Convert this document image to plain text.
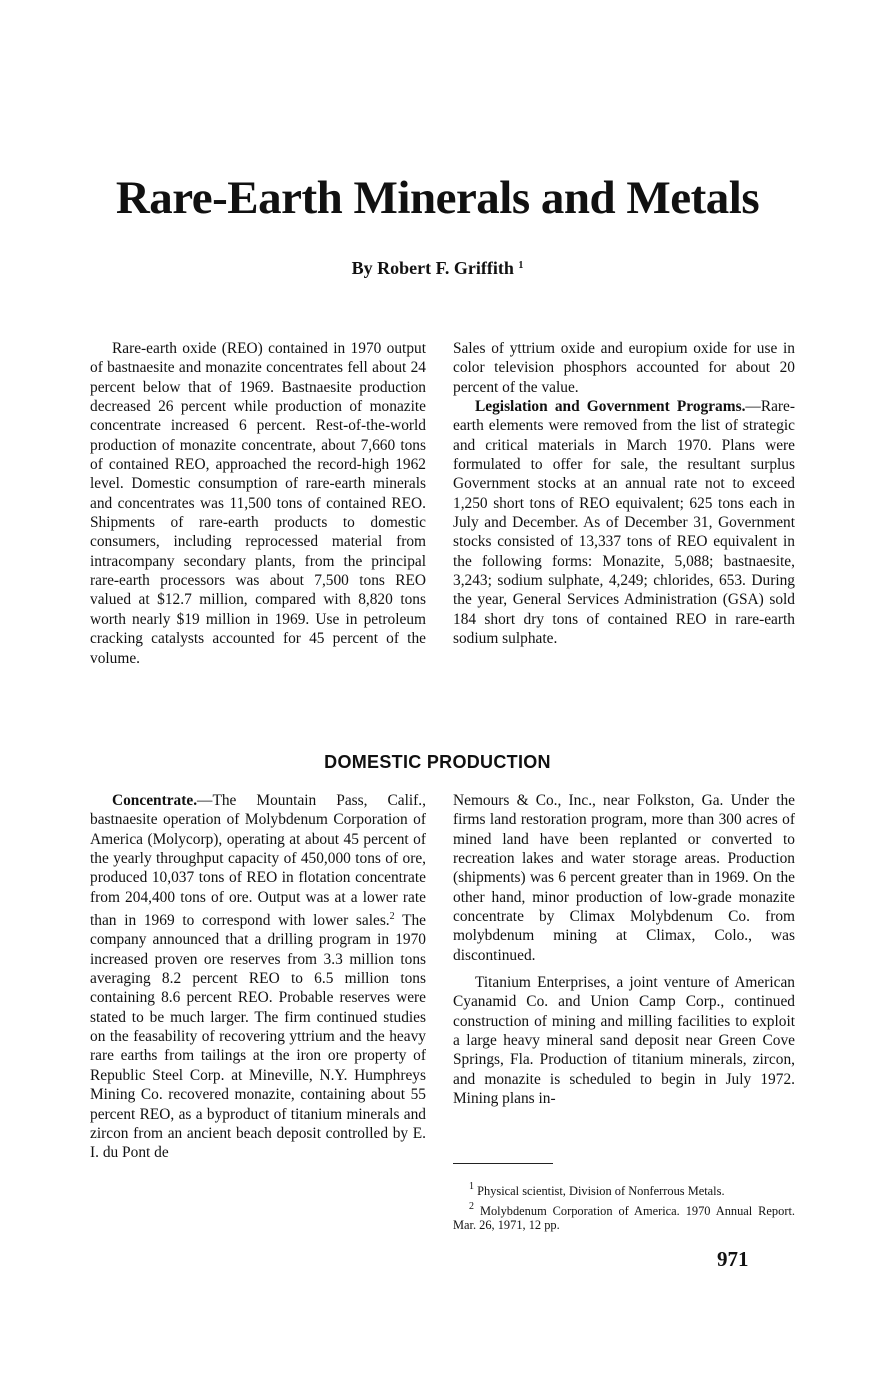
Rare-Earth Minerals and Metals

By Robert F. Griffith $^1$

Rare-earth oxide (REO) contained in 1970 output of bastnaesite and monazite concentrates fell about 24 percent below that of 1969. Bastnaesite production decreased 26 percent while production of monazite concentrate increased 6 percent. Rest-of-the-world production of monazite concentrate, about 7,660 tons of contained REO, approached the record-high 1962 level. Domestic consumption of rare-earth minerals and concentrates was 11,500 tons of contained REO. Shipments of rare-earth products to domestic consumers, including reprocessed material from intracompany secondary plants, from the principal rare-earth processors was about 7,500 tons REO valued at $12.7 million, compared with 8,820 tons worth nearly $19 million in 1969. Use in petroleum cracking catalysts accounted for 45 percent of the volume.

Sales of yttrium oxide and europium oxide for use in color television phosphors accounted for about 20 percent of the value.

Legislation and Government Programs.—Rare-earth elements were removed from the list of strategic and critical materials in March 1970. Plans were formulated to offer for sale, the resultant surplus Government stocks at an annual rate not to exceed 1,250 short tons of REO equivalent; 625 tons each in July and December. As of December 31, Government stocks consisted of 13,337 tons of REO equivalent in the following forms: Monazite, 5,088; bastnaesite, 3,243; sodium sulphate, 4,249; chlorides, 653. During the year, General Services Administration (GSA) sold 184 short dry tons of contained REO in rare-earth sodium sulphate.

DOMESTIC PRODUCTION

Concentrate.—The Mountain Pass, Calif., bastnaesite operation of Molybdenum Corporation of America (Molycorp), operating at about 45 percent of the yearly throughput capacity of 450,000 tons of ore, produced 10,037 tons of REO in flotation concentrate from 204,400 tons of ore. Output was at a lower rate than in 1969 to correspond with lower sales.$^2$ The company announced that a drilling program in 1970 increased proven ore reserves from 3.3 million tons averaging 8.2 percent REO to 6.5 million tons containing 8.6 percent REO. Probable reserves were stated to be much larger. The firm continued studies on the feasability of recovering yttrium and the heavy rare earths from tailings at the iron ore property of Republic Steel Corp. at Mineville, N.Y. Humphreys Mining Co. recovered monazite, containing about 55 percent REO, as a byproduct of titanium minerals and zircon from an ancient beach deposit controlled by E. I. du Pont de

Nemours & Co., Inc., near Folkston, Ga. Under the firms land restoration program, more than 300 acres of mined land have been replanted or converted to recreation lakes and water storage areas. Production (shipments) was 6 percent greater than in 1969. On the other hand, minor production of low-grade monazite concentrate by Climax Molybdenum Co. from molybdenum mining at Climax, Colo., was discontinued.

Titanium Enterprises, a joint venture of American Cyanamid Co. and Union Camp Corp., continued construction of mining and milling facilities to exploit a large heavy mineral sand deposit near Green Cove Springs, Fla. Production of titanium minerals, zircon, and monazite is scheduled to begin in July 1972. Mining plans in-

$^1$ Physical scientist, Division of Nonferrous Metals.

$^2$ Molybdenum Corporation of America. 1970 Annual Report. Mar. 26, 1971, 12 pp.

971
